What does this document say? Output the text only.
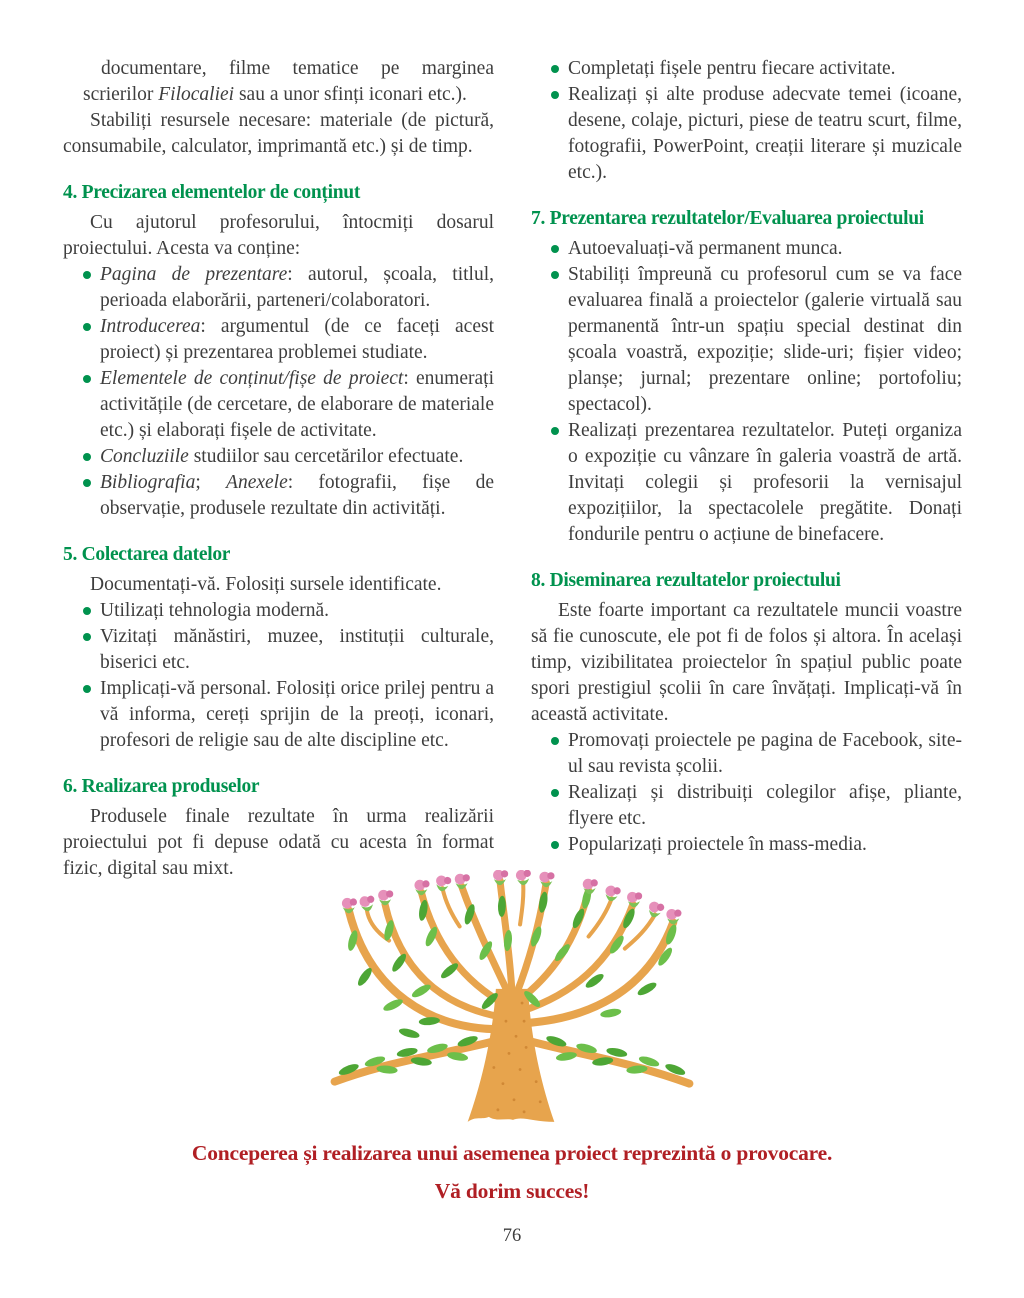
documentare, filme tematice pe marginea scrierilor Filocaliei sau a unor sfinți iconari etc.).

Stabiliți resursele necesare: materiale (de pictură, consumabile, calculator, imprimantă etc.) și de timp.

4. Precizarea elementelor de conținut

Cu ajutorul profesorului, întocmiți dosarul proiectului. Acesta va conține:

Pagina de prezentare: autorul, școala, titlul, perioada elaborării, parteneri/colaboratori.
Introducerea: argumentul (de ce faceți acest proiect) și prezentarea problemei studiate.
Elementele de conținut/fișe de proiect: enumerați activitățile (de cercetare, de elaborare de materiale etc.) și elaborați fișele de activitate.
Concluziile studiilor sau cercetărilor efectuate.
Bibliografia; Anexele: fotografii, fișe de observație, produsele rezultate din activități.
5. Colectarea datelor

Documentați-vă. Folosiți sursele identificate.

Utilizați tehnologia modernă.
Vizitați mănăstiri, muzee, instituții culturale, biserici etc.
Implicați-vă personal. Folosiți orice prilej pentru a vă informa, cereți sprijin de la preoți, iconari, profesori de religie sau de alte discipline etc.
6. Realizarea produselor

Produsele finale rezultate în urma realizării proiectului pot fi depuse odată cu acesta în format fizic, digital sau mixt.

Completați fișele pentru fiecare activitate.
Realizați și alte produse adecvate temei (icoane, desene, colaje, picturi, piese de teatru scurt, filme, fotografii, PowerPoint, creații literare și muzicale etc.).
7. Prezentarea rezultatelor/Evaluarea proiectului
Autoevaluați-vă permanent munca.
Stabiliți împreună cu profesorul cum se va face evaluarea finală a proiectelor (galerie virtuală sau permanentă într-un spațiu special destinat din școala voastră, expoziție; slide-uri; fișier video; planșe; jurnal; prezentare online; portofoliu; spectacol).
Realizați prezentarea rezultatelor. Puteți organiza o expoziție cu vânzare în galeria voastră de artă. Invitați colegii și profesorii la vernisajul expozițiilor, la spectacolele pregătite. Donați fondurile pentru o acțiune de binefacere.
8. Diseminarea rezultatelor proiectului

Este foarte important ca rezultatele muncii voastre să fie cunoscute, ele pot fi de folos și altora. În același timp, vizibilitatea proiectelor în spațiul public poate spori prestigiul școlii în care învățați. Implicați-vă în această activitate.

Promovați proiectele pe pagina de Facebook, site-ul sau revista școlii.
Realizați și distribuiți colegilor afișe, pliante, flyere etc.
Popularizați proiectele în mass-media.
Conceperea și realizarea unui asemenea proiect reprezintă o provocare.
Vă dorim succes!
76
